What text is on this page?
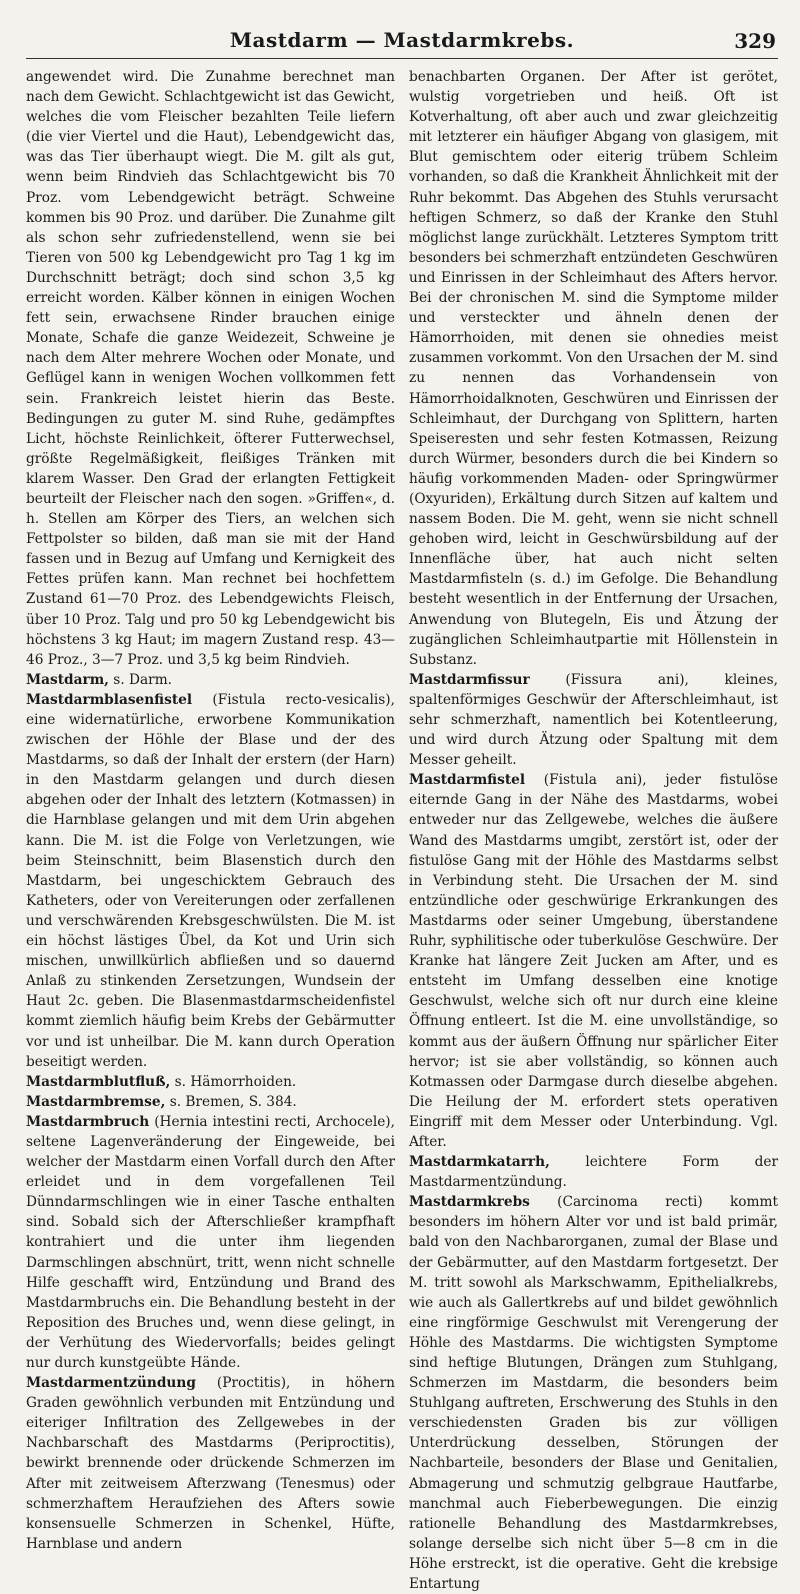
Mastdarm — Mastdarmkrebs.	329

angewendet wird. Die Zunahme berechnet man nach dem Gewicht. Schlachtgewicht ist das Gewicht, welches die vom Fleischer bezahlten Teile liefern (die vier Viertel und die Haut), Lebendgewicht das, was das Tier überhaupt wiegt. Die M. gilt als gut, wenn beim Rindvieh das Schlachtgewicht bis 70 Proz. vom Lebendgewicht beträgt. Schweine kommen bis 90 Proz. und darüber. Die Zunahme gilt als schon sehr zufriedenstellend, wenn sie bei Tieren von 500 kg Lebendgewicht pro Tag 1 kg im Durchschnitt beträgt; doch sind schon 3,5 kg erreicht worden. Kälber können in einigen Wochen fett sein, erwachsene Rinder brauchen einige Monate, Schafe die ganze Weidezeit, Schweine je nach dem Alter mehrere Wochen oder Monate, und Geflügel kann in wenigen Wochen vollkommen fett sein. Frankreich leistet hierin das Beste. Bedingungen zu guter M. sind Ruhe, gedämpftes Licht, höchste Reinlichkeit, öfterer Futterwechsel, größte Regelmäßigkeit, fleißiges Tränken mit klarem Wasser. Den Grad der erlangten Fettigkeit beurteilt der Fleischer nach den sogen. »Griffen«, d. h. Stellen am Körper des Tiers, an welchen sich Fettpolster so bilden, daß man sie mit der Hand fassen und in Bezug auf Umfang und Kernigkeit des Fettes prüfen kann. Man rechnet bei hochfettem Zustand 61—70 Proz. des Lebendgewichts Fleisch, über 10 Proz. Talg und pro 50 kg Lebendgewicht bis höchstens 3 kg Haut; im magern Zustand resp. 43—46 Proz., 3—7 Proz. und 3,5 kg beim Rindvieh.

Mastdarm, s. Darm.

Mastdarmblasenfistel (Fistula recto-vesicalis), eine widernatürliche, erworbene Kommunikation zwischen der Höhle der Blase und der des Mastdarms, so daß der Inhalt der erstern (der Harn) in den Mastdarm gelangen und durch diesen abgehen oder der Inhalt des letztern (Kotmassen) in die Harnblase gelangen und mit dem Urin abgehen kann. Die M. ist die Folge von Verletzungen, wie beim Steinschnitt, beim Blasenstich durch den Mastdarm, bei ungeschicktem Gebrauch des Katheters, oder von Vereiterungen oder zerfallenen und verschwärenden Krebsgeschwülsten. Die M. ist ein höchst lästiges Übel, da Kot und Urin sich mischen, unwillkürlich abfließen und so dauernd Anlaß zu stinkenden Zersetzungen, Wundsein der Haut 2c. geben. Die Blasenmastdarmscheidenfistel kommt ziemlich häufig beim Krebs der Gebärmutter vor und ist unheilbar. Die M. kann durch Operation beseitigt werden.

Mastdarmblutfluß, s. Hämorrhoiden.

Mastdarmbremse, s. Bremen, S. 384.

Mastdarmbruch (Hernia intestini recti, Archocele), seltene Lagenveränderung der Eingeweide, bei welcher der Mastdarm einen Vorfall durch den After erleidet und in dem vorgefallenen Teil Dünndarmschlingen wie in einer Tasche enthalten sind. Sobald sich der Afterschließer krampfhaft kontrahiert und die unter ihm liegenden Darmschlingen abschnürt, tritt, wenn nicht schnelle Hilfe geschafft wird, Entzündung und Brand des Mastdarmbruchs ein. Die Behandlung besteht in der Reposition des Bruches und, wenn diese gelingt, in der Verhütung des Wiedervorfalls; beides gelingt nur durch kunstgeübte Hände.

Mastdarmentzündung (Proctitis), in höhern Graden gewöhnlich verbunden mit Entzündung und eiteriger Infiltration des Zellgewebes in der Nachbarschaft des Mastdarms (Periproctitis), bewirkt brennende oder drückende Schmerzen im After mit zeitweisem Afterzwang (Tenesmus) oder schmerzhaftem Heraufziehen des Afters sowie konsensuelle Schmerzen in Schenkel, Hüfte, Harnblase und andern

benachbarten Organen. Der After ist gerötet, wulstig vorgetrieben und heiß. Oft ist Kotverhaltung, oft aber auch und zwar gleichzeitig mit letzterer ein häufiger Abgang von glasigem, mit Blut gemischtem oder eiterig trübem Schleim vorhanden, so daß die Krankheit Ähnlichkeit mit der Ruhr bekommt. Das Abgehen des Stuhls verursacht heftigen Schmerz, so daß der Kranke den Stuhl möglichst lange zurückhält. Letzteres Symptom tritt besonders bei schmerzhaft entzündeten Geschwüren und Einrissen in der Schleimhaut des Afters hervor. Bei der chronischen M. sind die Symptome milder und versteckter und ähneln denen der Hämorrhoiden, mit denen sie ohnedies meist zusammen vorkommt. Von den Ursachen der M. sind zu nennen das Vorhandensein von Hämorrhoidalknoten, Geschwüren und Einrissen der Schleimhaut, der Durchgang von Splittern, harten Speiseresten und sehr festen Kotmassen, Reizung durch Würmer, besonders durch die bei Kindern so häufig vorkommenden Maden- oder Springwürmer (Oxyuriden), Erkältung durch Sitzen auf kaltem und nassem Boden. Die M. geht, wenn sie nicht schnell gehoben wird, leicht in Geschwürsbildung auf der Innenfläche über, hat auch nicht selten Mastdarmfisteln (s. d.) im Gefolge. Die Behandlung besteht wesentlich in der Entfernung der Ursachen, Anwendung von Blutegeln, Eis und Ätzung der zugänglichen Schleimhautpartie mit Höllenstein in Substanz.

Mastdarmfissur (Fissura ani), kleines, spaltenförmiges Geschwür der Afterschleimhaut, ist sehr schmerzhaft, namentlich bei Kotentleerung, und wird durch Ätzung oder Spaltung mit dem Messer geheilt.

Mastdarmfistel (Fistula ani), jeder fistulöse eiternde Gang in der Nähe des Mastdarms, wobei entweder nur das Zellgewebe, welches die äußere Wand des Mastdarms umgibt, zerstört ist, oder der fistulöse Gang mit der Höhle des Mastdarms selbst in Verbindung steht. Die Ursachen der M. sind entzündliche oder geschwürige Erkrankungen des Mastdarms oder seiner Umgebung, überstandene Ruhr, syphilitische oder tuberkulöse Geschwüre. Der Kranke hat längere Zeit Jucken am After, und es entsteht im Umfang desselben eine knotige Geschwulst, welche sich oft nur durch eine kleine Öffnung entleert. Ist die M. eine unvollständige, so kommt aus der äußern Öffnung nur spärlicher Eiter hervor; ist sie aber vollständig, so können auch Kotmassen oder Darmgase durch dieselbe abgehen. Die Heilung der M. erfordert stets operativen Eingriff mit dem Messer oder Unterbindung. Vgl. After.

Mastdarmkatarrh, leichtere Form der Mastdarmentzündung.

Mastdarmkrebs (Carcinoma recti) kommt besonders im höhern Alter vor und ist bald primär, bald von den Nachbarorganen, zumal der Blase und der Gebärmutter, auf den Mastdarm fortgesetzt. Der M. tritt sowohl als Markschwamm, Epithelialkrebs, wie auch als Gallertkrebs auf und bildet gewöhnlich eine ringförmige Geschwulst mit Verengerung der Höhle des Mastdarms. Die wichtigsten Symptome sind heftige Blutungen, Drängen zum Stuhlgang, Schmerzen im Mastdarm, die besonders beim Stuhlgang auftreten, Erschwerung des Stuhls in den verschiedensten Graden bis zur völligen Unterdrückung desselben, Störungen der Nachbarteile, besonders der Blase und Genitalien, Abmagerung und schmutzig gelbgraue Hautfarbe, manchmal auch Fieberbewegungen. Die einzig rationelle Behandlung des Mastdarmkrebses, solange derselbe sich nicht über 5—8 cm in die Höhe erstreckt, ist die operative. Geht die krebsige Entartung
